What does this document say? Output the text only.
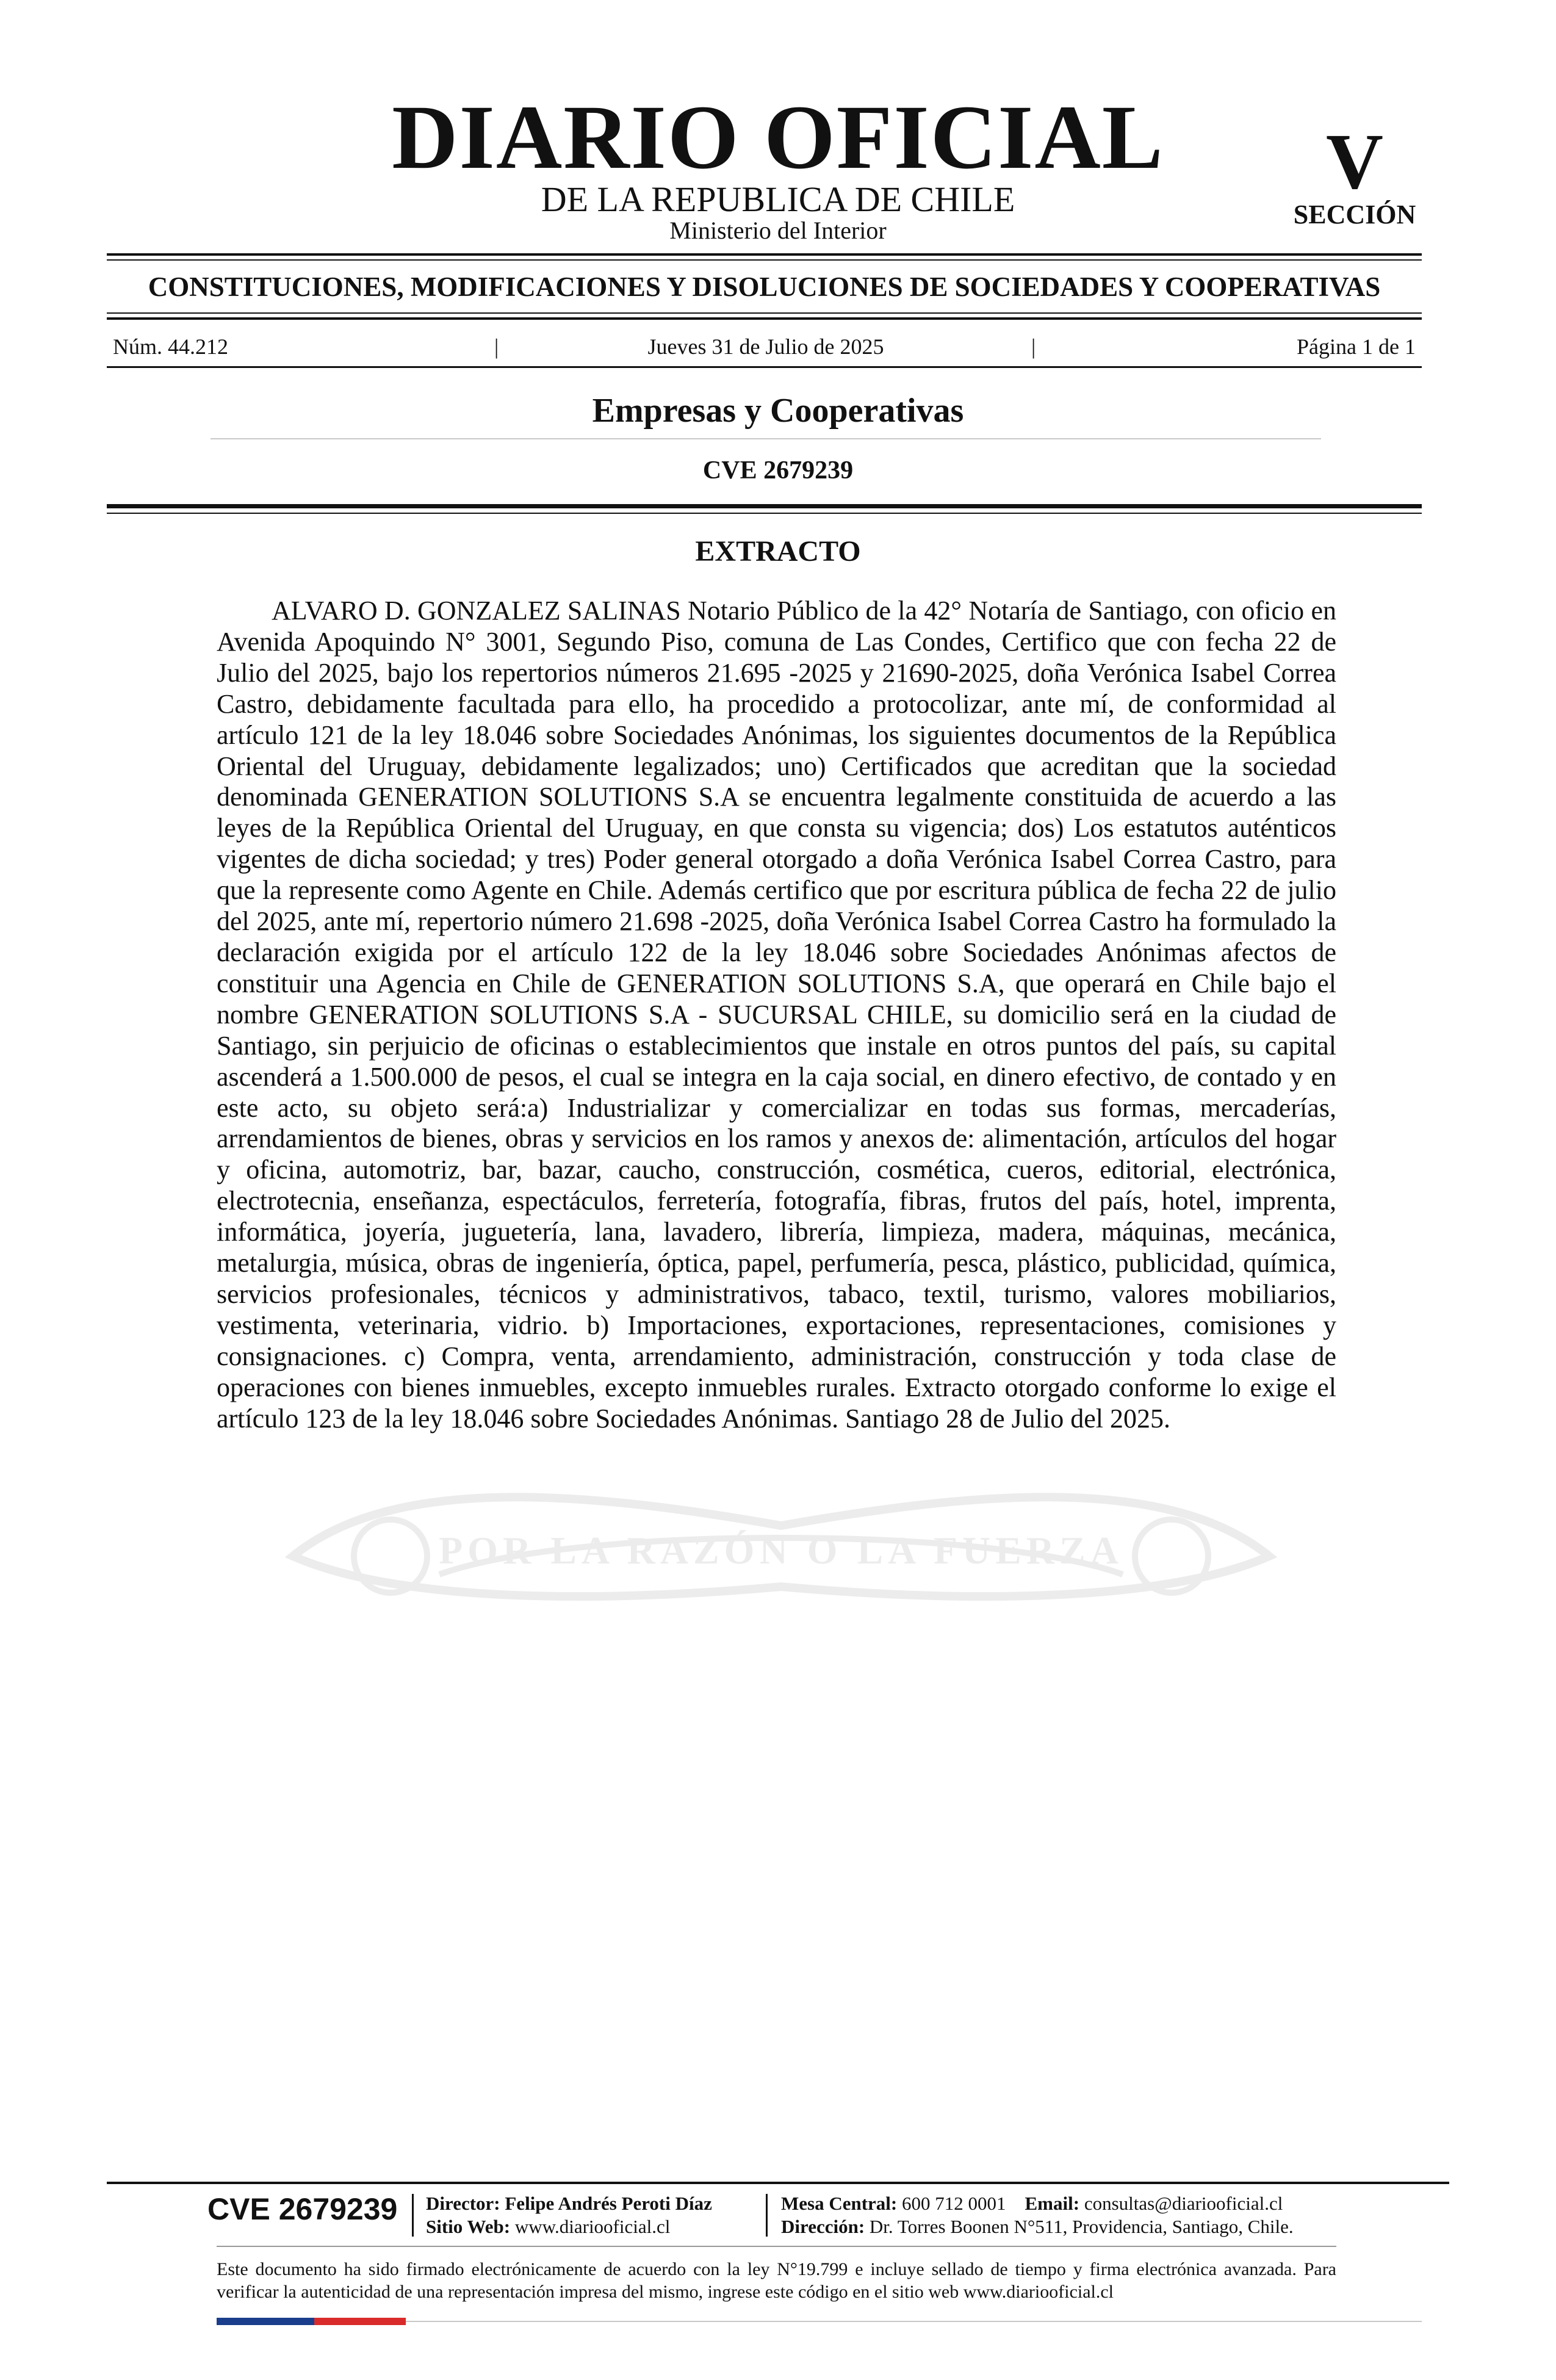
DIARIO OFICIAL
DE LA REPUBLICA DE CHILE
Ministerio del Interior
V
SECCIÓN
CONSTITUCIONES, MODIFICACIONES Y DISOLUCIONES DE SOCIEDADES Y COOPERATIVAS
Núm. 44.212	|	Jueves 31 de Julio de 2025	|	Página 1 de 1
Empresas y Cooperativas
CVE 2679239
EXTRACTO

ALVARO D. GONZALEZ SALINAS Notario Público de la 42° Notaría de Santiago, con oficio en Avenida Apoquindo N° 3001, Segundo Piso, comuna de Las Condes, Certifico que con fecha 22 de Julio del 2025, bajo los repertorios números 21.695 -2025 y 21690-2025, doña Verónica Isabel Correa Castro, debidamente facultada para ello, ha procedido a protocolizar, ante mí, de conformidad al artículo 121 de la ley 18.046 sobre Sociedades Anónimas, los siguientes documentos de la República Oriental del Uruguay, debidamente legalizados; uno) Certificados que acreditan que la sociedad denominada GENERATION SOLUTIONS S.A se encuentra legalmente constituida de acuerdo a las leyes de la República Oriental del Uruguay, en que consta su vigencia; dos) Los estatutos auténticos vigentes de dicha sociedad; y tres) Poder general otorgado a doña Verónica Isabel Correa Castro, para que la represente como Agente en Chile. Además certifico que por escritura pública de fecha 22 de julio del 2025, ante mí, repertorio número 21.698 -2025, doña Verónica Isabel Correa Castro ha formulado la declaración exigida por el artículo 122 de la ley 18.046 sobre Sociedades Anónimas afectos de constituir una Agencia en Chile de GENERATION SOLUTIONS S.A, que operará en Chile bajo el nombre GENERATION SOLUTIONS S.A - SUCURSAL CHILE, su domicilio será en la ciudad de Santiago, sin perjuicio de oficinas o establecimientos que instale en otros puntos del país, su capital ascenderá a 1.500.000 de pesos, el cual se integra en la caja social, en dinero efectivo, de contado y en este acto, su objeto será:a) Industrializar y comercializar en todas sus formas, mercaderías, arrendamientos de bienes, obras y servicios en los ramos y anexos de: alimentación, artículos del hogar y oficina, automotriz, bar, bazar, caucho, construcción, cosmética, cueros, editorial, electrónica, electrotecnia, enseñanza, espectáculos, ferretería, fotografía, fibras, frutos del país, hotel, imprenta, informática, joyería, juguetería, lana, lavadero, librería, limpieza, madera, máquinas, mecánica, metalurgia, música, obras de ingeniería, óptica, papel, perfumería, pesca, plástico, publicidad, química, servicios profesionales, técnicos y administrativos, tabaco, textil, turismo, valores mobiliarios, vestimenta, veterinaria, vidrio. b) Importaciones, exportaciones, representaciones, comisiones y consignaciones. c) Compra, venta, arrendamiento, administración, construcción y toda clase de operaciones con bienes inmuebles, excepto inmuebles rurales. Extracto otorgado conforme lo exige el artículo 123 de la ley 18.046 sobre Sociedades Anónimas. Santiago 28 de Julio del 2025.

POR LA RAZÓN O LA FUERZA
CVE 2679239 Director: Felipe Andrés Peroti Díaz
Sitio Web: www.diariooficial.cl
Mesa Central: 600 712 0001 Email: consultas@diariooficial.cl
Dirección: Dr. Torres Boonen N°511, Providencia, Santiago, Chile.

Este documento ha sido firmado electrónicamente de acuerdo con la ley N°19.799 e incluye sellado de tiempo y firma electrónica avanzada. Para verificar la autenticidad de una representación impresa del mismo, ingrese este código en el sitio web www.diariooficial.cl
